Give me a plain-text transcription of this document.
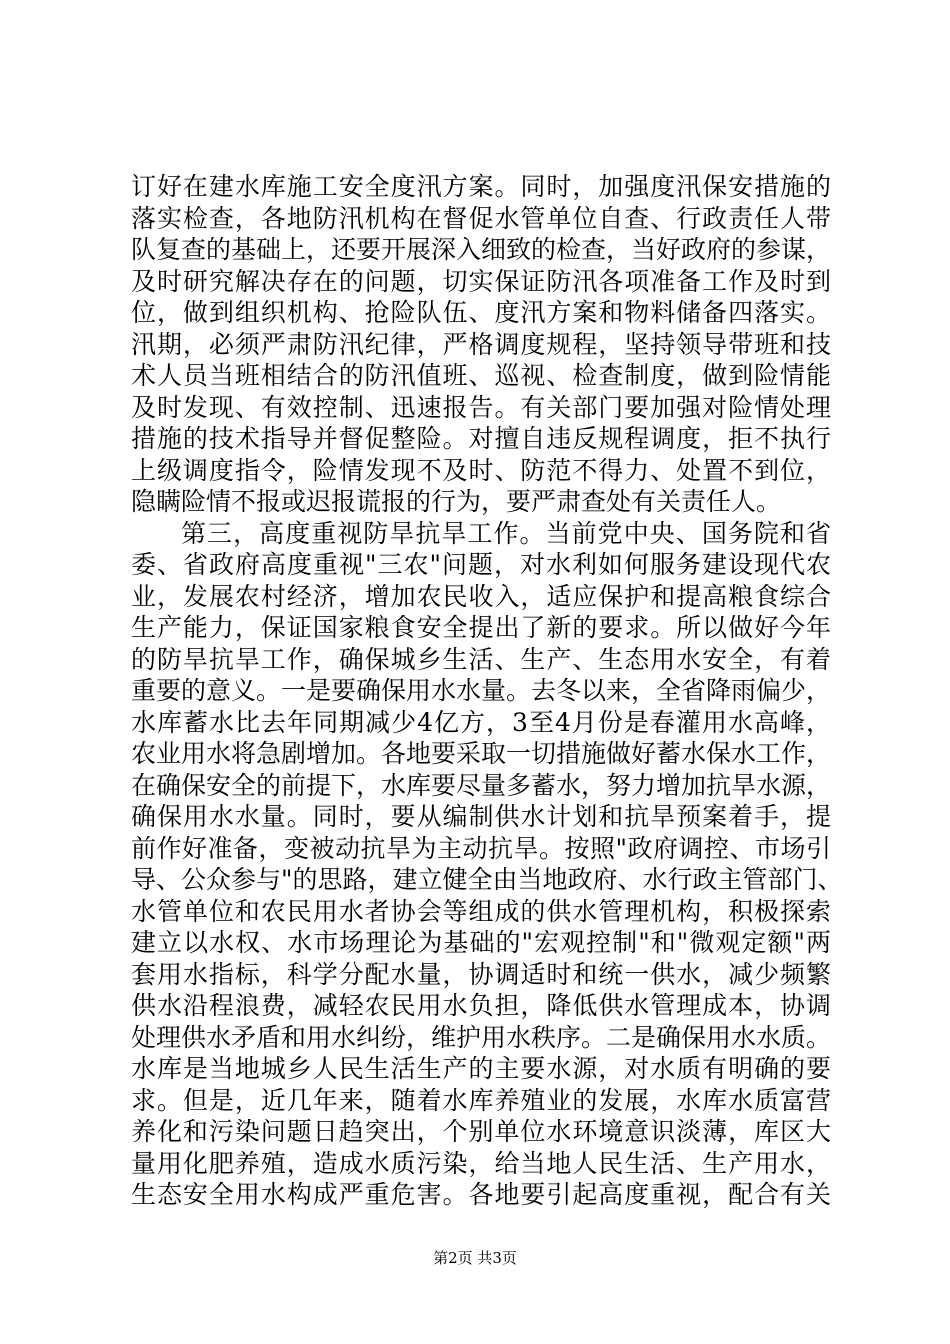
订好在建水库施工安全度汛方案。同时，加强度汛保安措施的
落实检查，各地防汛机构在督促水管单位自查、行政责任人带
队复查的基础上，还要开展深入细致的检查，当好政府的参谋，
及时研究解决存在的问题，切实保证防汛各项准备工作及时到
位，做到组织机构、抢险队伍、度汛方案和物料储备四落实。
汛期，必须严肃防汛纪律，严格调度规程，坚持领导带班和技
术人员当班相结合的防汛值班、巡视、检查制度，做到险情能
及时发现、有效控制、迅速报告。有关部门要加强对险情处理
措施的技术指导并督促整险。对擅自违反规程调度，拒不执行
上级调度指令，险情发现不及时、防范不得力、处置不到位，
隐瞒险情不报或迟报谎报的行为，要严肃查处有关责任人。
第三，高度重视防旱抗旱工作。当前党中央、国务院和省
委、省政府高度重视"三农"问题，对水利如何服务建设现代农
业，发展农村经济，增加农民收入，适应保护和提高粮食综合
生产能力，保证国家粮食安全提出了新的要求。所以做好今年
的防旱抗旱工作，确保城乡生活、生产、生态用水安全，有着
重要的意义。一是要确保用水水量。去冬以来，全省降雨偏少，
水库蓄水比去年同期减少4亿方，3至4月份是春灌用水高峰，
农业用水将急剧增加。各地要采取一切措施做好蓄水保水工作，
在确保安全的前提下，水库要尽量多蓄水，努力增加抗旱水源，
确保用水水量。同时，要从编制供水计划和抗旱预案着手，提
前作好准备，变被动抗旱为主动抗旱。按照"政府调控、市场引
导、公众参与"的思路，建立健全由当地政府、水行政主管部门、
水管单位和农民用水者协会等组成的供水管理机构，积极探索
建立以水权、水市场理论为基础的"宏观控制"和"微观定额"两
套用水指标，科学分配水量，协调适时和统一供水，减少频繁
供水沿程浪费，减轻农民用水负担，降低供水管理成本，协调
处理供水矛盾和用水纠纷，维护用水秩序。二是确保用水水质。
水库是当地城乡人民生活生产的主要水源，对水质有明确的要
求。但是，近几年来，随着水库养殖业的发展，水库水质富营
养化和污染问题日趋突出，个别单位水环境意识淡薄，库区大
量用化肥养殖，造成水质污染，给当地人民生活、生产用水，
生态安全用水构成严重危害。各地要引起高度重视，配合有关
第2页 共3页
